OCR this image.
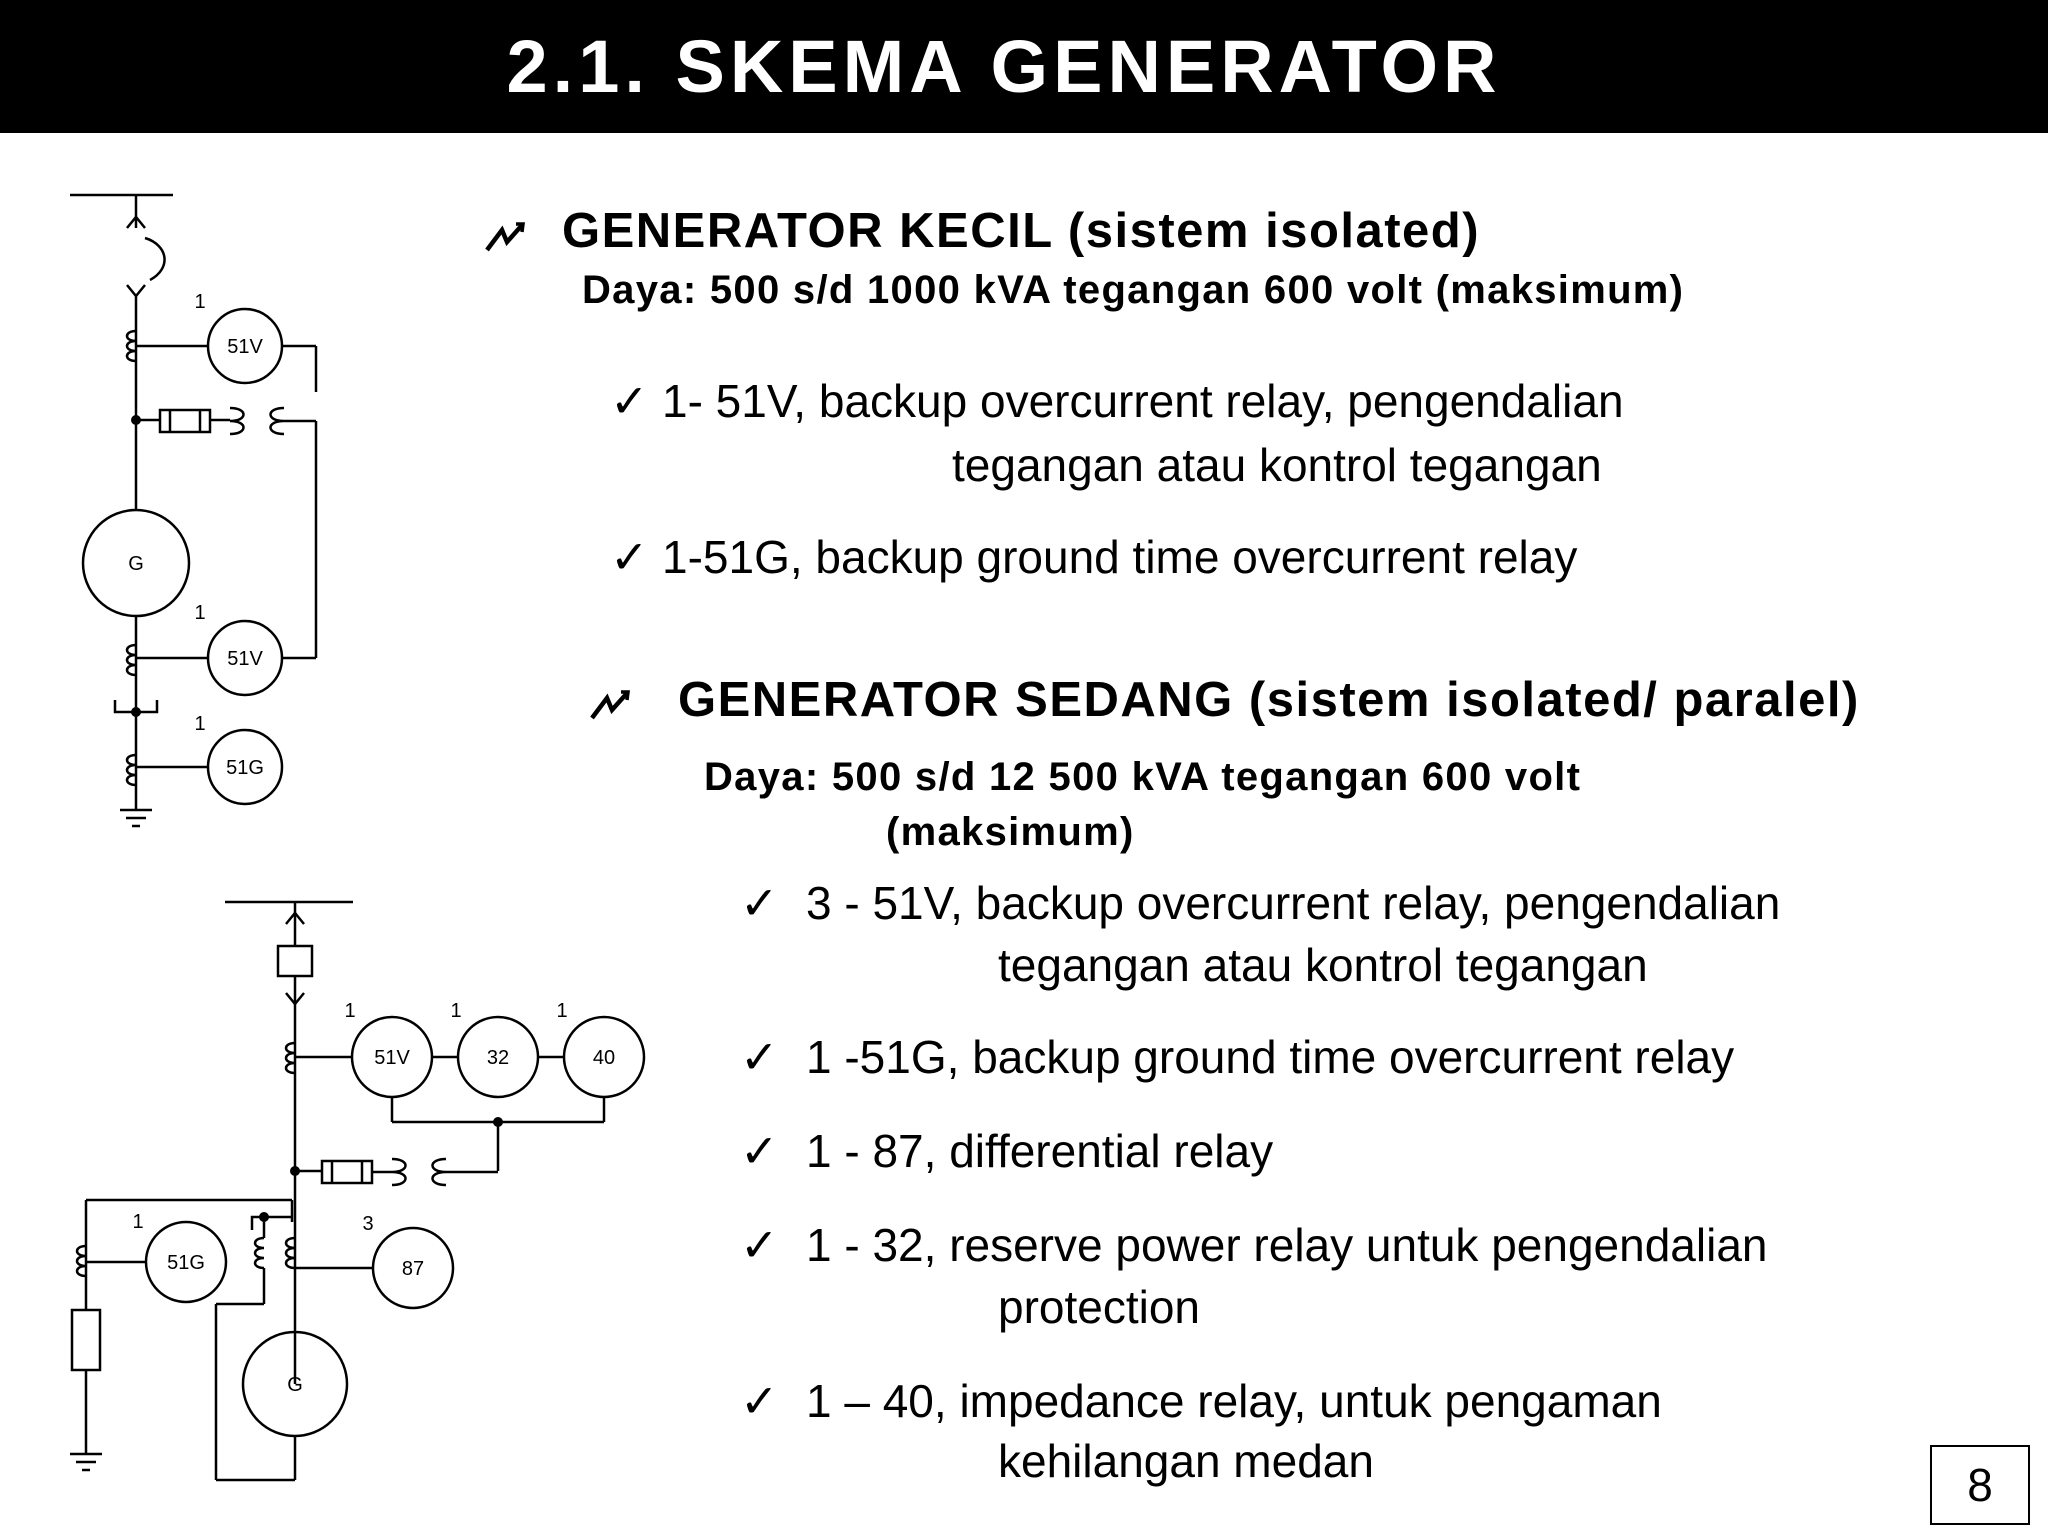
2.1. SKEMA GENERATOR
51V
1
51V
1
51G
1
G
51V
1
32
1
40
1
51G
1
87
3
G
GENERATOR KECIL (sistem isolated)
Daya: 500 s/d 1000 kVA tegangan 600 volt (maksimum)
✓ 1- 51V, backup overcurrent relay, pengendalian
tegangan atau kontrol tegangan
✓ 1-51G, backup ground time overcurrent relay
GENERATOR SEDANG (sistem isolated/ paralel)
Daya: 500 s/d 12 500 kVA tegangan 600 volt
(maksimum)
✓ 3 - 51V, backup overcurrent relay, pengendalian
tegangan atau kontrol tegangan
✓ 1 -51G, backup ground time overcurrent relay
✓ 1 - 87, differential relay
✓ 1 - 32, reserve power relay untuk pengendalian
protection
✓ 1 – 40, impedance relay, untuk pengaman
kehilangan medan	8
